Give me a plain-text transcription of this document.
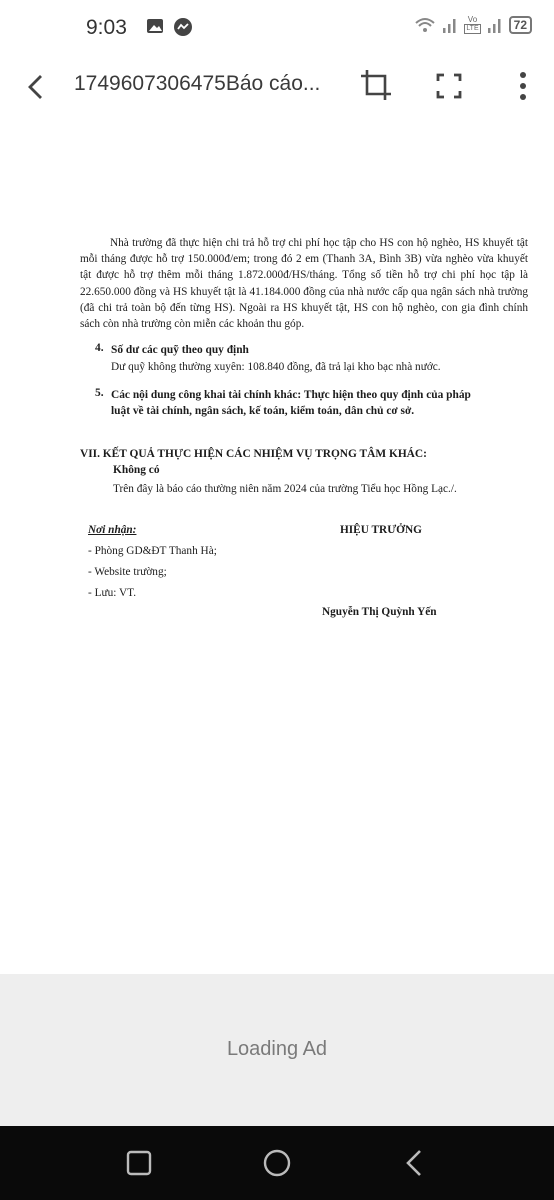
9:03	Vo
LTE	72
1749607306475Báo cáo...

Nhà trường đã thực hiện chi trả hỗ trợ chi phí học tập cho HS con hộ nghèo, HS khuyết tật mỗi tháng được hỗ trợ 150.000đ/em; trong đó 2 em (Thanh 3A, Bình 3B) vừa nghèo vừa khuyết tật được hỗ trợ thêm mỗi tháng 1.872.000đ/HS/tháng. Tổng số tiền hỗ trợ chi phí học tập là 22.650.000 đồng và HS khuyết tật là 41.184.000 đồng của nhà nước cấp qua ngân sách nhà trường (đã chi trả toàn bộ đến từng HS). Ngoài ra HS khuyết tật, HS con hộ nghèo, con gia đình chính sách còn nhà trường còn miễn các khoản thu góp.

4. Số dư các quỹ theo quy định
Dư quỹ không thường xuyên: 108.840 đồng, đã trả lại kho bạc nhà nước.
5. Các nội dung công khai tài chính khác: Thực hiện theo quy định của pháp
luật về tài chính, ngân sách, kế toán, kiểm toán, dân chủ cơ sở.
VII. KẾT QUẢ THỰC HIỆN CÁC NHIỆM VỤ TRỌNG TÂM KHÁC:
Không có
Trên đây là báo cáo thường niên năm 2024 của trường Tiểu học Hồng Lạc./.
Nơi nhận:
- Phòng GD&ĐT Thanh Hà;
- Website trường;
- Lưu: VT.
HIỆU TRƯỞNG
Nguyễn Thị Quỳnh Yến
Loading Ad
